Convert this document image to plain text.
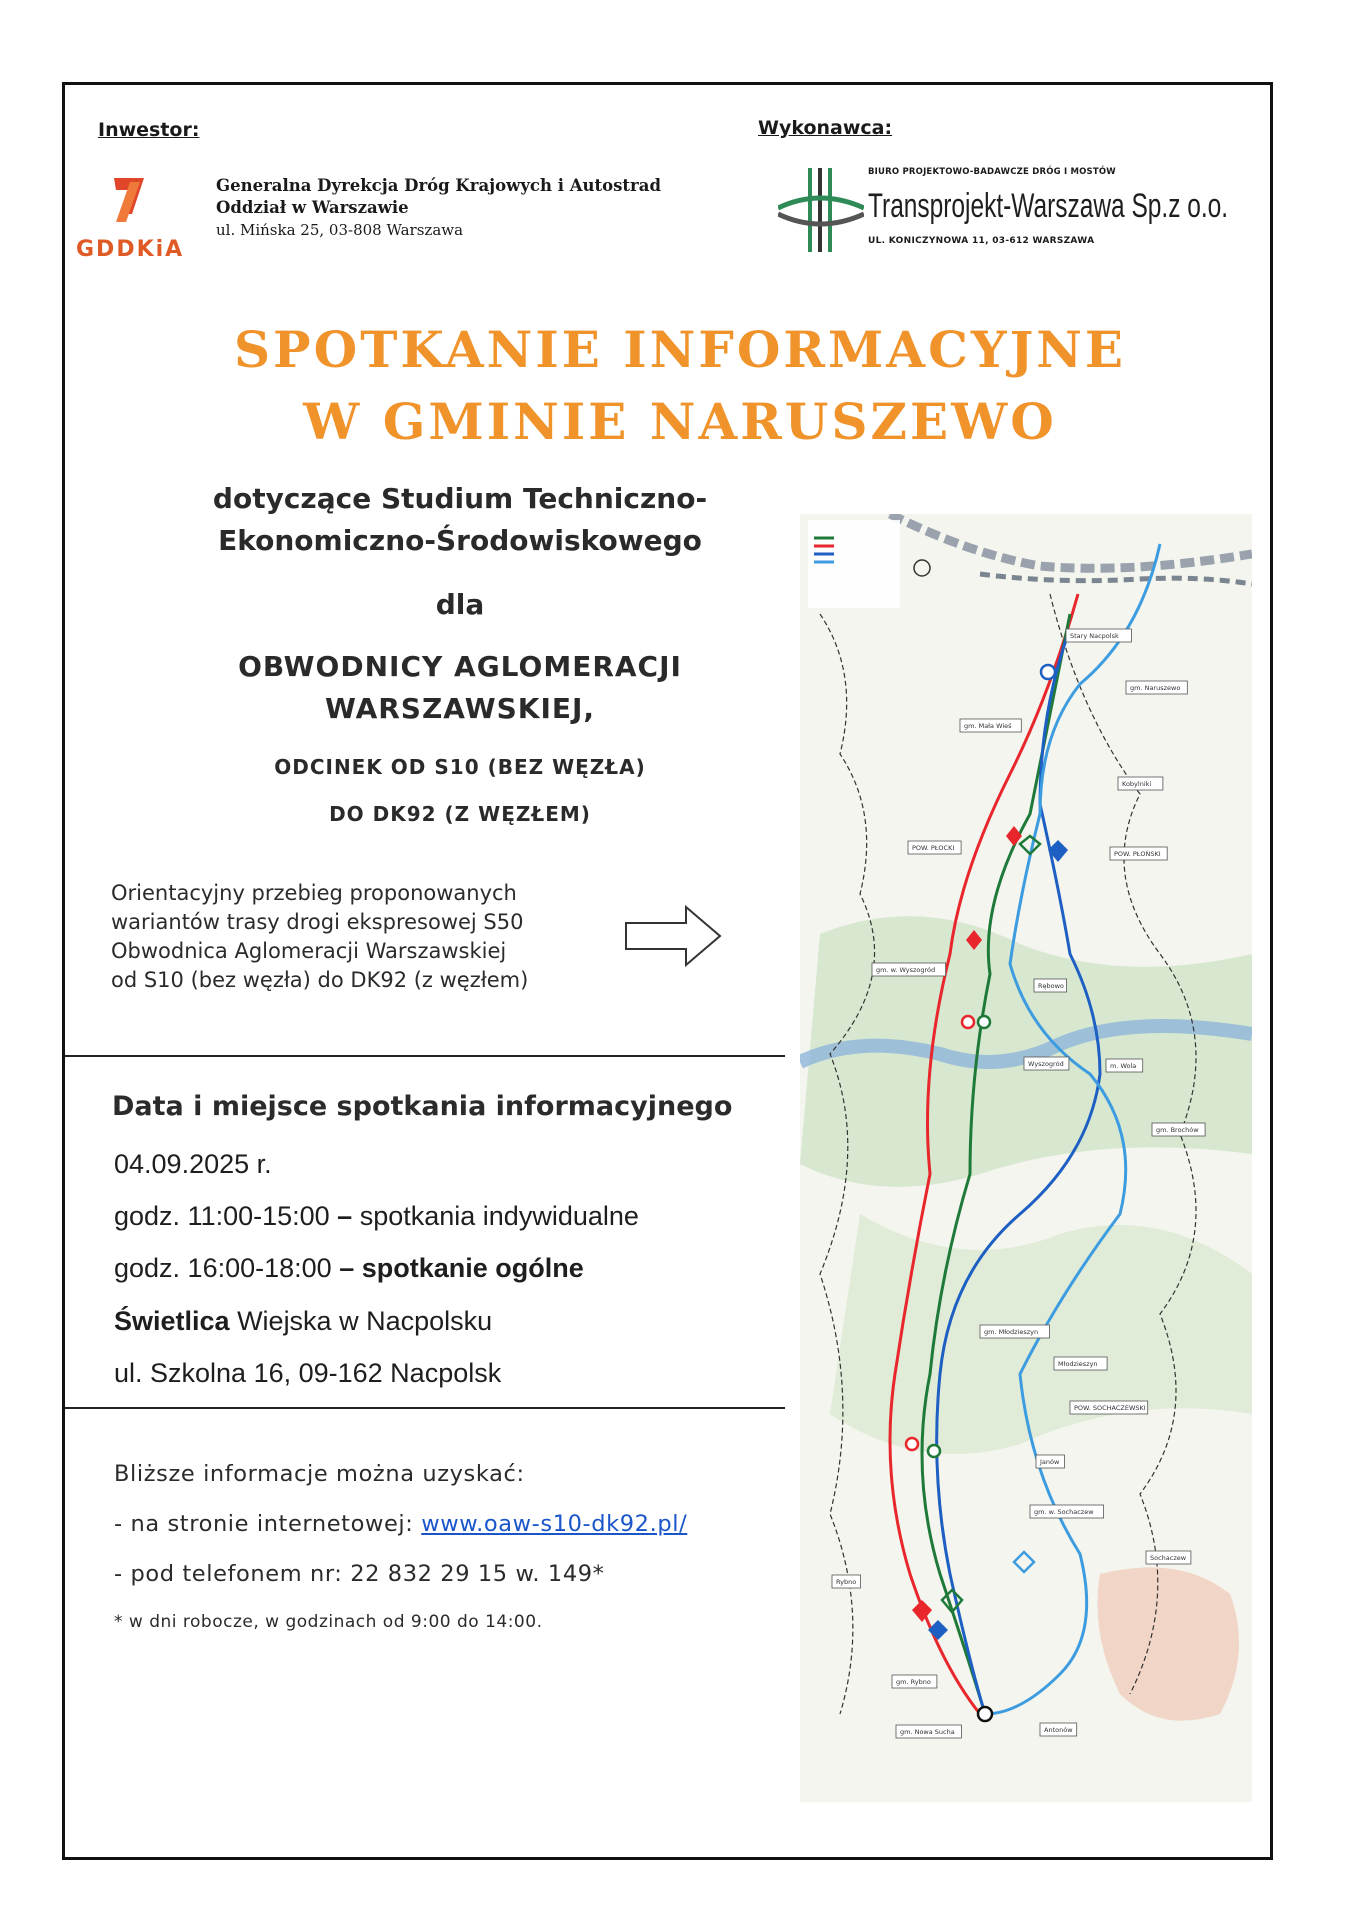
Inwestor:
GDDKiA
Generalna Dyrekcja Dróg Krajowych i Autostrad
Oddział w Warszawie
ul. Mińska 25, 03-808 Warszawa
Wykonawca:
BIURO PROJEKTOWO-BADAWCZE DRÓG I MOSTÓW
Transprojekt-Warszawa Sp.z o.o.
UL. KONICZYNOWA 11, 03-612 WARSZAWA
SPOTKANIE INFORMACYJNE
W GMINIE NARUSZEWO
dotyczące Studium Techniczno-
Ekonomiczno-Środowiskowego
dla
OBWODNICY AGLOMERACJI
WARSZAWSKIEJ,
ODCINEK OD S10 (BEZ WĘZŁA)
DO DK92 (Z WĘZŁEM)
Orientacyjny przebieg proponowanych
wariantów trasy drogi ekspresowej S50
Obwodnica Aglomeracji Warszawskiej
od S10 (bez węzła) do DK92 (z węzłem)
Data i miejsce spotkania informacyjnego
04.09.2025 r.
godz. 11:00-15:00 – spotkania indywidualne
godz. 16:00-18:00 – spotkanie ogólne
Świetlica Wiejska w Nacpolsku
ul. Szkolna 16, 09-162 Nacpolsk
Bliższe informacje można uzyskać:
- na stronie internetowej: www.oaw-s10-dk92.pl/
- pod telefonem nr: 22 832 29 15 w. 149*
* w dni robocze, w godzinach od 9:00 do 14:00.
Stary Nacpolsk
gm. Naruszewo
gm. Mała Wieś
Kobylniki
POW. PŁOCKI
POW. PŁOŃSKI
gm. w. Wyszogród
Rębowo
Wyszogród	m. Wola
gm. Brochów
gm. Młodzieszyn
Młodzieszyn
POW. SOCHACZEWSKI
Janów
gm. w. Sochaczew
Sochaczew
Rybno
gm. Rybno
gm. Nowa Sucha	Antonów
